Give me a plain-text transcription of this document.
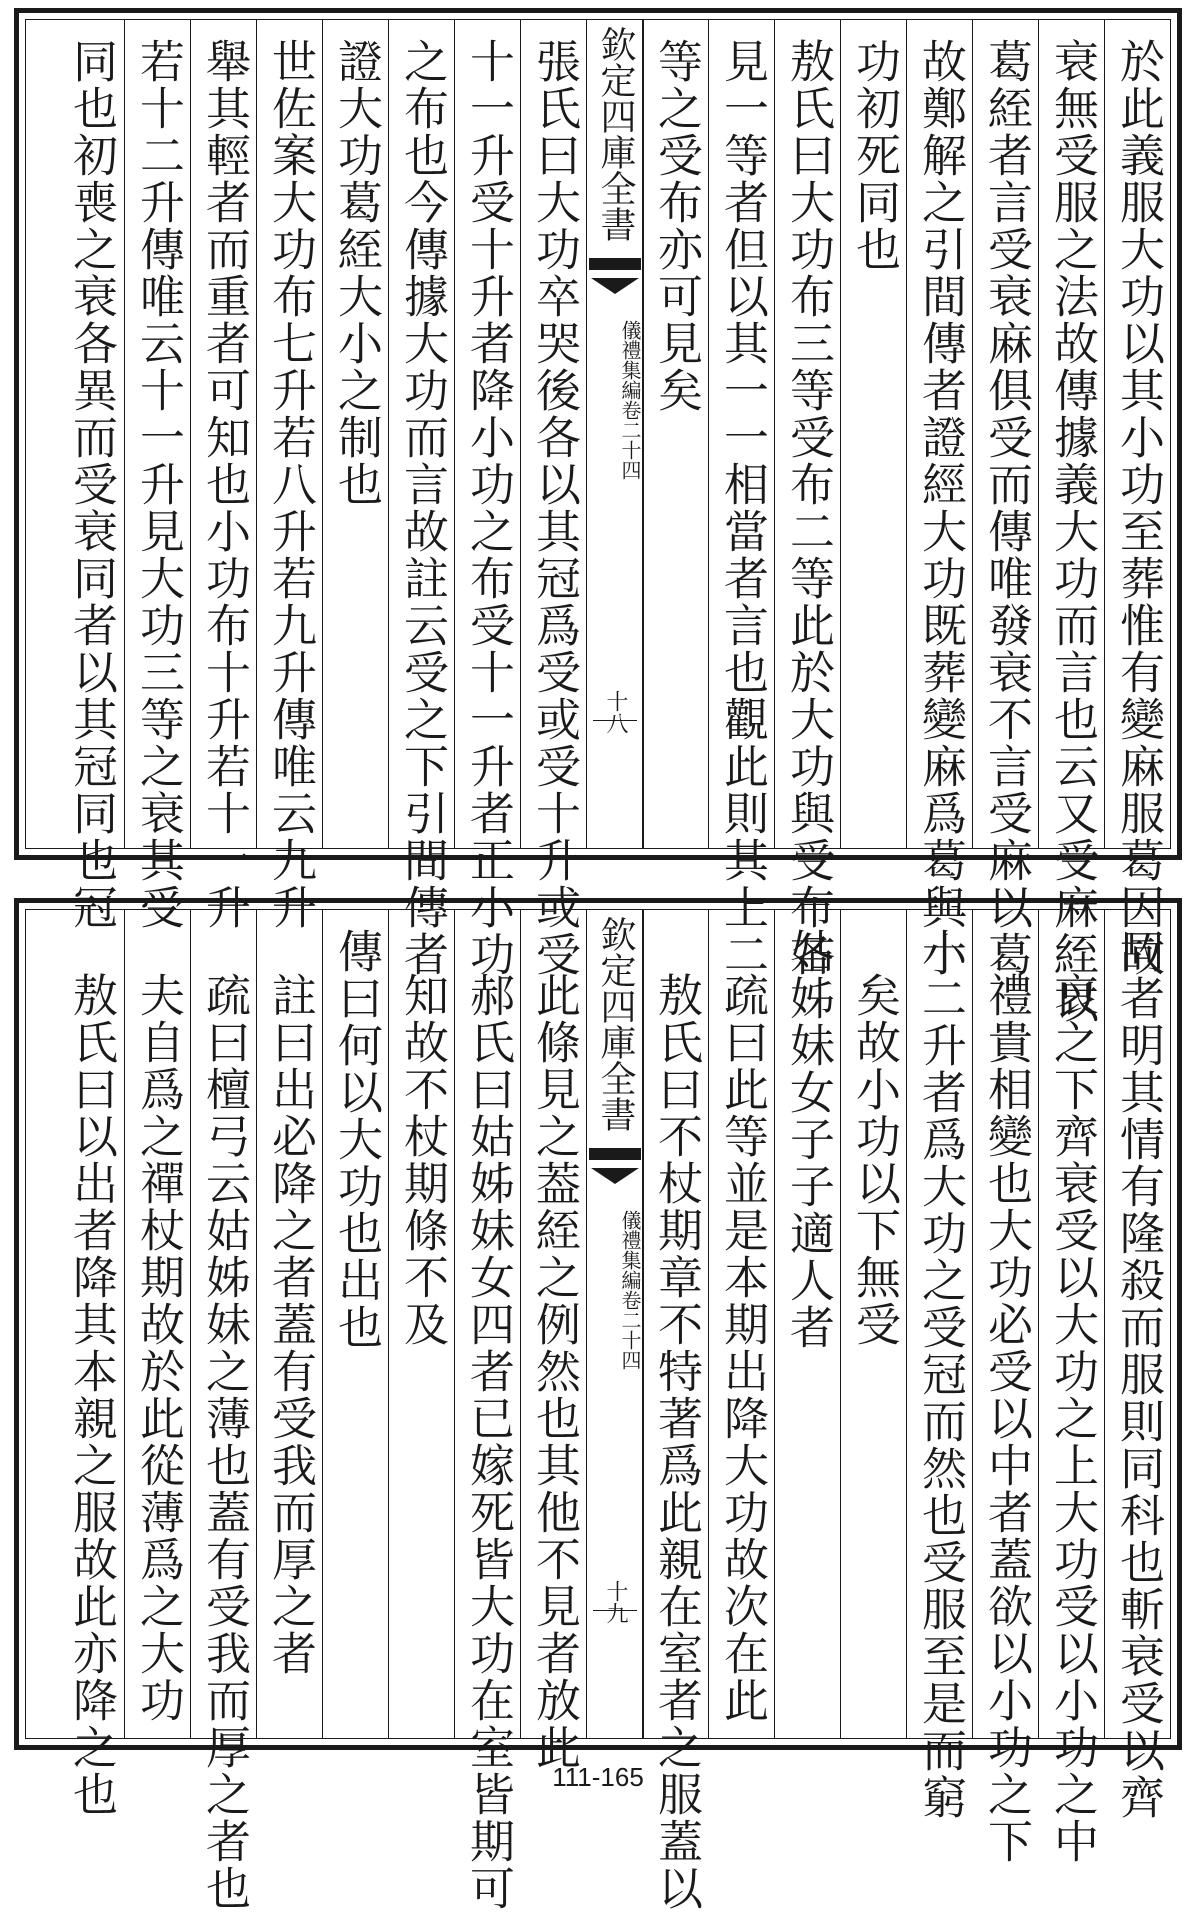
於此義服大功以其小功至葬惟有變麻服葛因故
衰無受服之法故傳據義大功而言也云又受麻絰以
葛絰者言受衰麻俱受而傳唯發衰不言受麻以葛
故鄭解之引間傳者證經大功既葬變麻爲葛與小
功初死同也
敖氏曰大功布三等受布二等此於大功與受布各
見一等者但以其一一相當者言也觀此則其上二
等之受布亦可見矣
欽定四庫全書
儀禮集編卷二十四
十八
張氏曰大功卒哭後各以其冠爲受或受十升或受
十一升受十升者降小功之布受十一升者正小功
之布也今傳據大功而言故註云受之下引間傳者
證大功葛絰大小之制也
世佐案大功布七升若八升若九升傳唯云九升
舉其輕者而重者可知也小功布十升若十一升
若十二升傳唯云十一升見大功三等之衰其受
同也初喪之衰各異而受衰同者以其冠同也冠
同者明其情有隆殺而服則同科也斬衰受以齊
衰之下齊衰受以大功之上大功受以小功之中
禮貴相變也大功必受以中者蓋欲以小功之下
十二升者爲大功之受冠而然也受服至是而窮
矣故小功以下無受
姑姊妹女子子適人者
疏曰此等並是本期出降大功故次在此
敖氏曰不杖期章不特著爲此親在室者之服蓋以
欽定四庫全書
儀禮集編卷二十四
十九
此條見之葢絰之例然也其他不見者放此
郝氏曰姑姊妹女四者已嫁死皆大功在室皆期可
知故不杖期條不及
傳曰何以大功也出也
註曰出必降之者蓋有受我而厚之者
疏曰檀弓云姑姊妹之薄也蓋有受我而厚之者也
夫自爲之禪杖期故於此從薄爲之大功
敖氏曰以出者降其本親之服故此亦降之也	111-165
